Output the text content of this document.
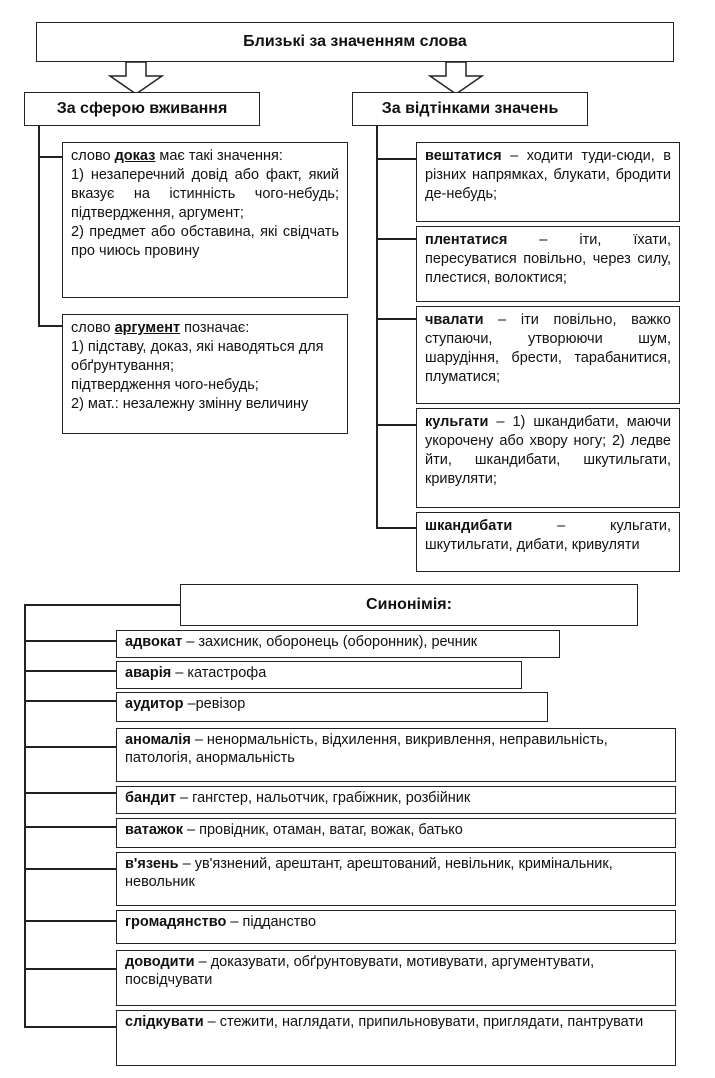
Близькі за значенням слова
За сферою вживання	За відтінками значень
слово доказ має такі значення:
1) незаперечний довід або факт, який вказує на істинність чого-небудь; підтвердження, аргумент;
2) предмет або обставина, які свідчать про чиюсь провину
слово аргумент позначає:
1) підставу, доказ, які наводяться для обґрунтування;
підтвердження чого-небудь;
2) мат.: незалежну змінну величину
вештатися – ходити туди-сюди, в різних напрямках, блукати, бродити де-небудь;
плентатися – іти, їхати, пересуватися повільно, через силу, плестися, волоктися;
чвалати – іти повільно, важко ступаючи, утворюючи шум, шарудіння, брести, тарабанитися, плуматися;
кульгати – 1) шкандибати, маючи укорочену або хвору ногу; 2) ледве йти, шкандибати, шкутильгати, кривуляти;
шкандибати – кульгати, шкутильгати, дибати, кривуляти
Синонімія:
адвокат – захисник, оборонець (оборонник), речник
аварія – катастрофа
аудитор –ревізор
аномалія – ненормальність, відхилення, викривлення, неправильність, патологія, анормальність
бандит – гангстер, нальотчик, грабіжник, розбійник
ватажок – провідник, отаман, ватаг, вожак, батько
в'язень – ув'язнений, арештант, арештований, невільник, кримінальник, невольник
громадянство – підданство
доводити – доказувати, обґрунтовувати, мотивувати, аргументувати, посвідчувати
слідкувати – стежити, наглядати, припильновувати, приглядати, пантрувати
